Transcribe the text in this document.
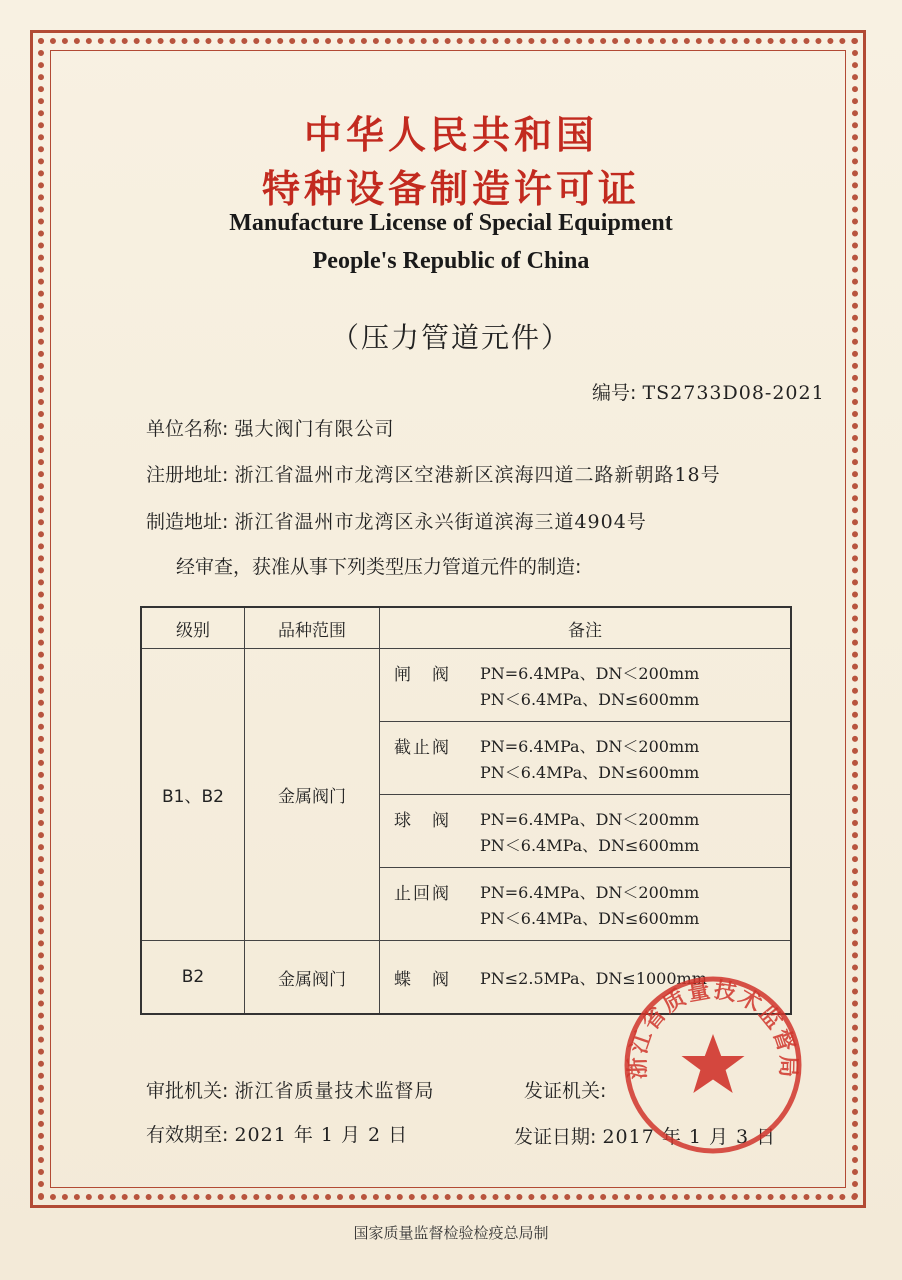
中华人民共和国
特种设备制造许可证
Manufacture License of Special Equipment
People's Republic of China
（压力管道元件）
编号: TS2733D08-2021
单位名称: 强大阀门有限公司
注册地址: 浙江省温州市龙湾区空港新区滨海四道二路新朝路18号
制造地址: 浙江省温州市龙湾区永兴街道滨海三道4904号
经审查，获准从事下列类型压力管道元件的制造:
级别	品种范围	备注
B1、B2	金属阀门	闸　阀 PN=6.4MPa、DN＜200mm
PN＜6.4MPa、DN≤600mm

		截止阀 PN=6.4MPa、DN＜200mm
PN＜6.4MPa、DN≤600mm

		球　阀 PN=6.4MPa、DN＜200mm
PN＜6.4MPa、DN≤600mm

		止回阀 PN=6.4MPa、DN＜200mm
PN＜6.4MPa、DN≤600mm

B2	金属阀门	蝶　阀 PN≤2.5MPa、DN≤1000mm
审批机关: 浙江省质量技术监督局	发证机关:
有效期至: 2021 年 1 月 2 日	发证日期: 2017 年 1 月 3 日
浙江省质量技术监督局
国家质量监督检验检疫总局制
